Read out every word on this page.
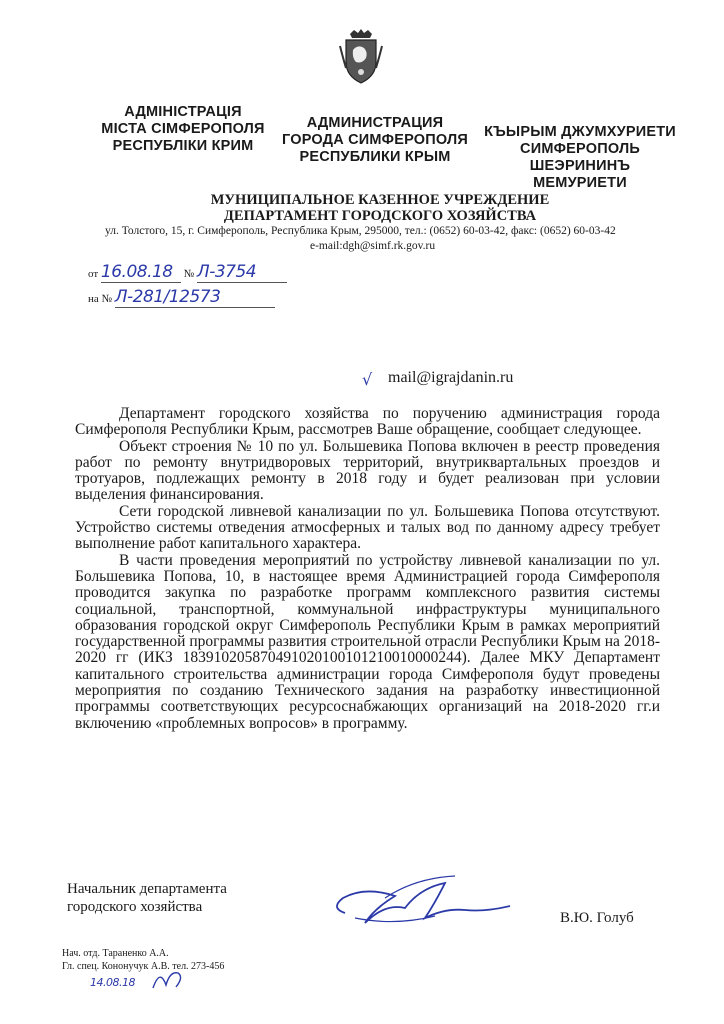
АДМІНІСТРАЦІЯ
МІСТА СІМФЕРОПОЛЯ
РЕСПУБЛІКИ КРИМ
АДМИНИСТРАЦИЯ
ГОРОДА СИМФЕРОПОЛЯ
РЕСПУБЛИКИ КРЫМ
КЪЫРЫМ ДЖУМХУРИЕТИ
СИМФЕРОПОЛЬ
ШЕЭРИНИНЪ
МЕМУРИЕТИ
МУНИЦИПАЛЬНОЕ КАЗЕННОЕ УЧРЕЖДЕНИЕ
ДЕПАРТАМЕНТ ГОРОДСКОГО ХОЗЯЙСТВА
ул. Толстого, 15, г. Симферополь, Республика Крым, 295000, тел.: (0652) 60-03-42, факс: (0652) 60-03-42
e-mail:dgh@simf.rk.gov.ru
от 16.08.18 № Л-3754
на № Л-281/12573
√ mail@igrajdanin.ru

Департамент городского хозяйства по поручению администрация города Симферополя Республики Крым, рассмотрев Ваше обращение, сообщает следующее.

Объект строения № 10 по ул. Большевика Попова включен в реестр проведения работ по ремонту внутридворовых территорий, внутриквартальных проездов и тротуаров, подлежащих ремонту в 2018 году и будет реализован при условии выделения финансирования.

Сети городской ливневой канализации по ул. Большевика Попова отсутствуют. Устройство системы отведения атмосферных и талых вод по данному адресу требует выполнение работ капитального характера.

В части проведения мероприятий по устройству ливневой канализации по ул. Большевика Попова, 10, в настоящее время Администрацией города Симферополя проводится закупка по разработке программ комплексного развития системы социальной, транспортной, коммунальной инфраструктуры муниципального образования городской округ Симферополь Республики Крым в рамках мероприятий государственной программы развития строительной отрасли Республики Крым на 2018-2020 гг (ИКЗ 183910205870491020100101210010000244). Далее МКУ Департамент капитального строительства администрации города Симферополя будут проведены мероприятия по созданию Технического задания на разработку инвестиционной программы соответствующих ресурсоснабжающих организаций на 2018-2020 гг.и включению «проблемных вопросов» в программу.

Начальник департамента
городского хозяйства
В.Ю. Голуб
Нач. отд. Тараненко А.А.
Гл. спец. Кононучук А.В. тел. 273-456
14.08.18
